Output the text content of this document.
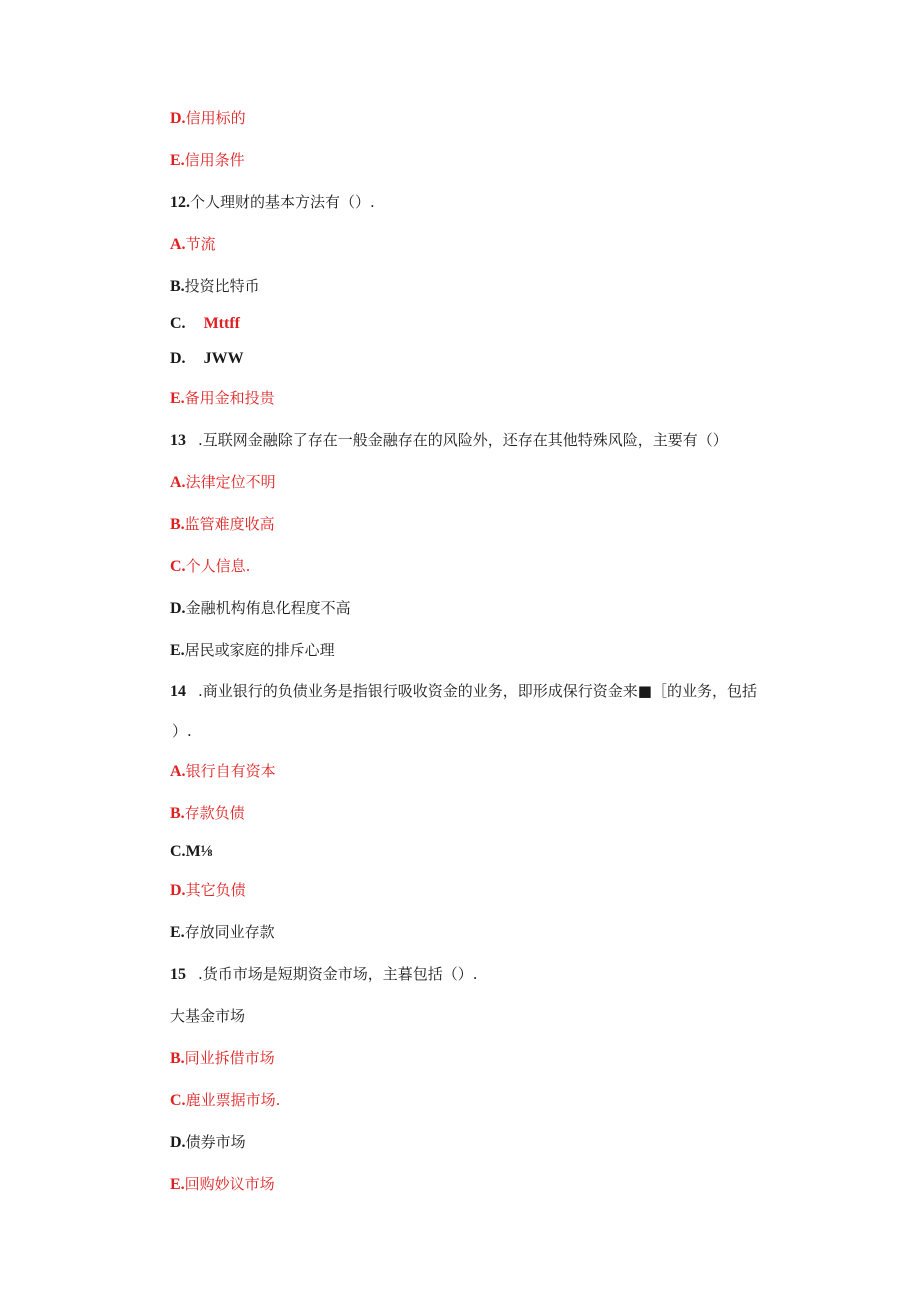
D.信用标的
E.信用条件
12.个人理财的基本方法有（）.
A.节流
B.投资比特币
C. Mttff
D. JWW
E.备用金和投贵
13 .互联网金融除了存在一般金融存在的风险外，还存在其他特殊风险，主要有（）
A.法律定位不明
B.监管难度收高
C.个人信息.
D.金融机构侑息化程度不高
E.居民或家庭的排斥心理
14 .商业银行的负债业务是指银行吸收资金的业务，即形成保行资金来■［的业务，包括
）.
A.银行自有资本
B.存款负债
C.M⅛
D.其它负债
E.存放同业存款
15 .货币市场是短期资金市场，主暮包括（）.
大基金市场
B.同业拆借市场
C.鹿业票据市场.
D.债券市场
E.回购妙议市场
